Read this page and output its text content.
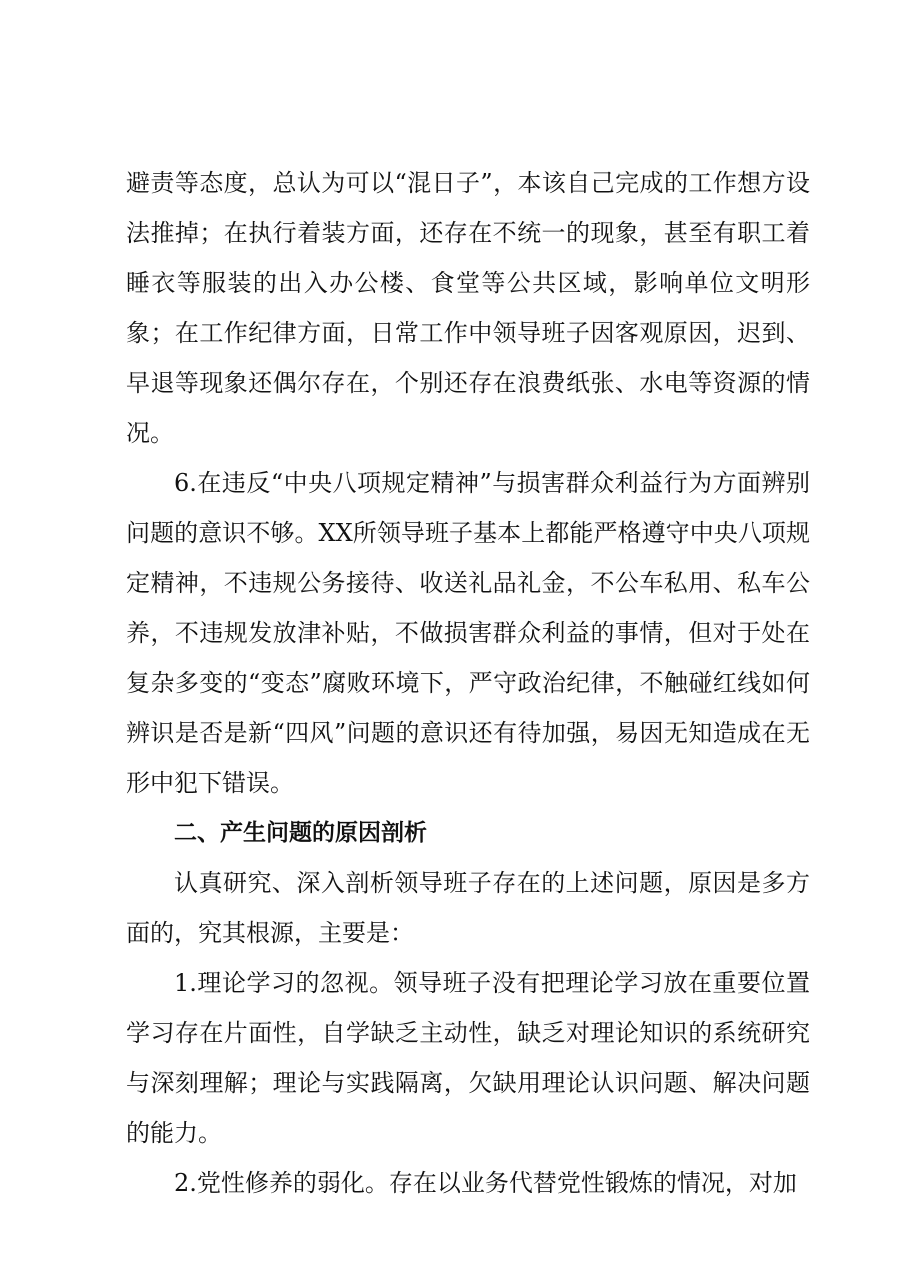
避责等态度，总认为可以“混日子”，本该自己完成的工作想方设法推掉；在执行着装方面，还存在不统一的现象，甚至有职工着睡衣等服装的出入办公楼、食堂等公共区域，影响单位文明形象；在工作纪律方面，日常工作中领导班子因客观原因，迟到、早退等现象还偶尔存在，个别还存在浪费纸张、水电等资源的情况。

6.在违反“中央八项规定精神”与损害群众利益行为方面辨别问题的意识不够。XX所领导班子基本上都能严格遵守中央八项规定精神，不违规公务接待、收送礼品礼金，不公车私用、私车公养，不违规发放津补贴，不做损害群众利益的事情，但对于处在复杂多变的“变态”腐败环境下，严守政治纪律，不触碰红线如何辨识是否是新“四风”问题的意识还有待加强，易因无知造成在无形中犯下错误。

二、产生问题的原因剖析

认真研究、深入剖析领导班子存在的上述问题，原因是多方面的，究其根源，主要是：

1.理论学习的忽视。领导班子没有把理论学习放在重要位置学习存在片面性，自学缺乏主动性，缺乏对理论知识的系统研究与深刻理解；理论与实践隔离，欠缺用理论认识问题、解决问题的能力。

2.党性修养的弱化。存在以业务代替党性锻炼的情况，对加
